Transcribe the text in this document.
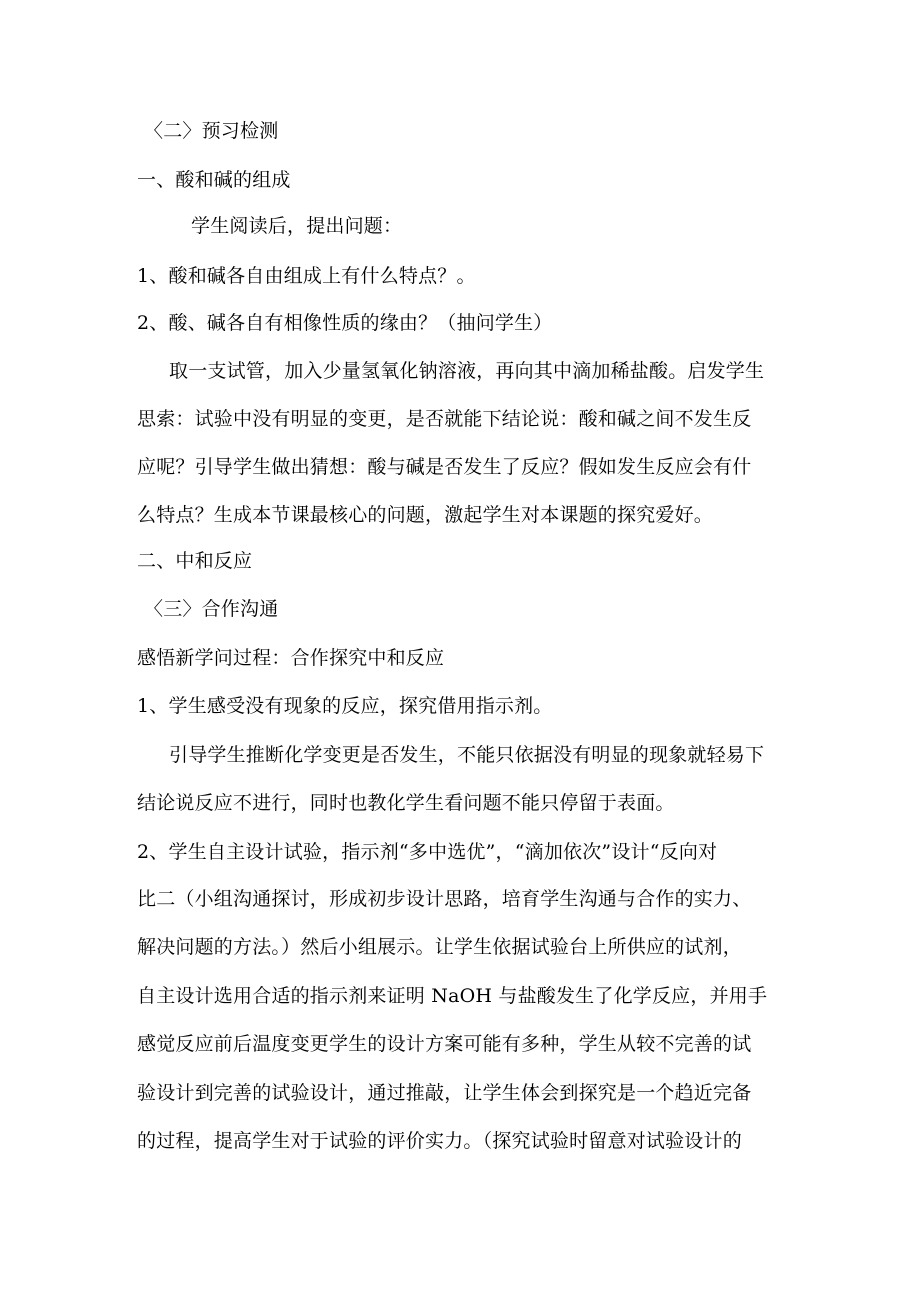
〈二〉预习检测
一、酸和碱的组成
学生阅读后，提出问题：
1、酸和碱各自由组成上有什么特点？。
2、酸、碱各自有相像性质的缘由？（抽问学生）
取一支试管，加入少量氢氧化钠溶液，再向其中滴加稀盐酸。启发学生
思索：试验中没有明显的变更，是否就能下结论说：酸和碱之间不发生反
应呢？引导学生做出猜想：酸与碱是否发生了反应？假如发生反应会有什
么特点？生成本节课最核心的问题，激起学生对本课题的探究爱好。
二、中和反应
〈三〉合作沟通
感悟新学问过程：合作探究中和反应
1、学生感受没有现象的反应，探究借用指示剂。
引导学生推断化学变更是否发生，不能只依据没有明显的现象就轻易下
结论说反应不进行，同时也教化学生看问题不能只停留于表面。
2、学生自主设计试验，指示剂“多中选优”，“滴加依次”设计“反向对
比二（小组沟通探讨，形成初步设计思路，培育学生沟通与合作的实力、
解决问题的方法。）然后小组展示。让学生依据试验台上所供应的试剂，
自主设计选用合适的指示剂来证明 NaOH 与盐酸发生了化学反应，并用手
感觉反应前后温度变更学生的设计方案可能有多种，学生从较不完善的试
验设计到完善的试验设计，通过推敲，让学生体会到探究是一个趋近完备
的过程，提高学生对于试验的评价实力。（探究试验时留意对试验设计的
